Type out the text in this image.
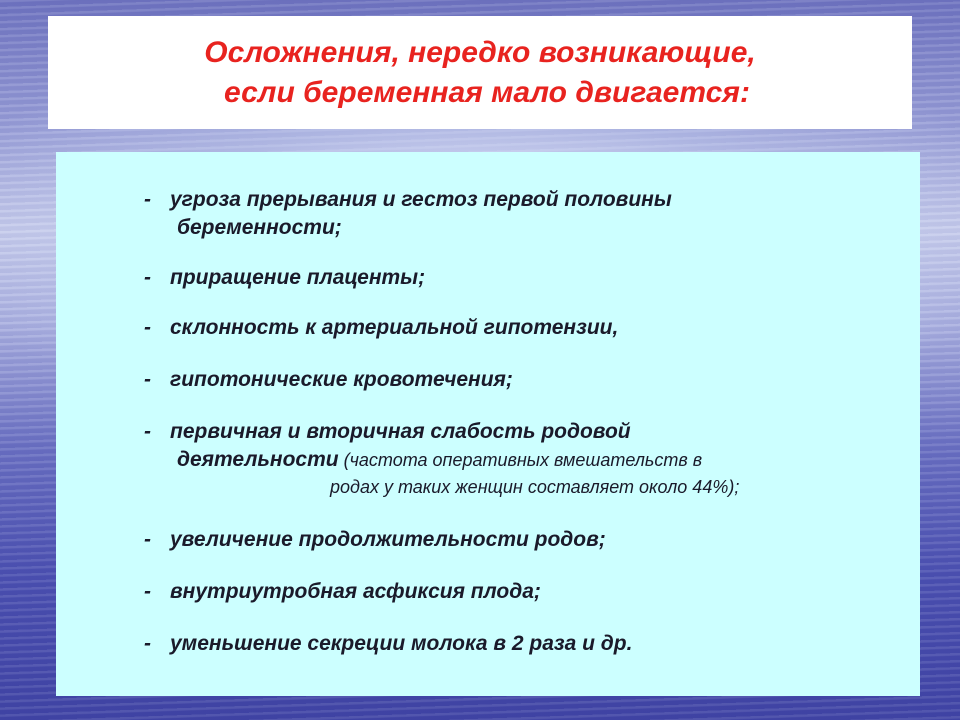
Осложнения, нередко возникающие,
если беременная мало двигается:
- угроза прерывания и гестоз первой половины
беременности;
- приращение плаценты;
- склонность к артериальной гипотензии,
- гипотонические кровотечения;
- первичная и вторичная слабость родовой
деятельности (частота оперативных вмешательств в
родах у таких женщин составляет около 44%);
- увеличение продолжительности родов;
- внутриутробная асфиксия плода;
- уменьшение секреции молока в 2 раза и др.
